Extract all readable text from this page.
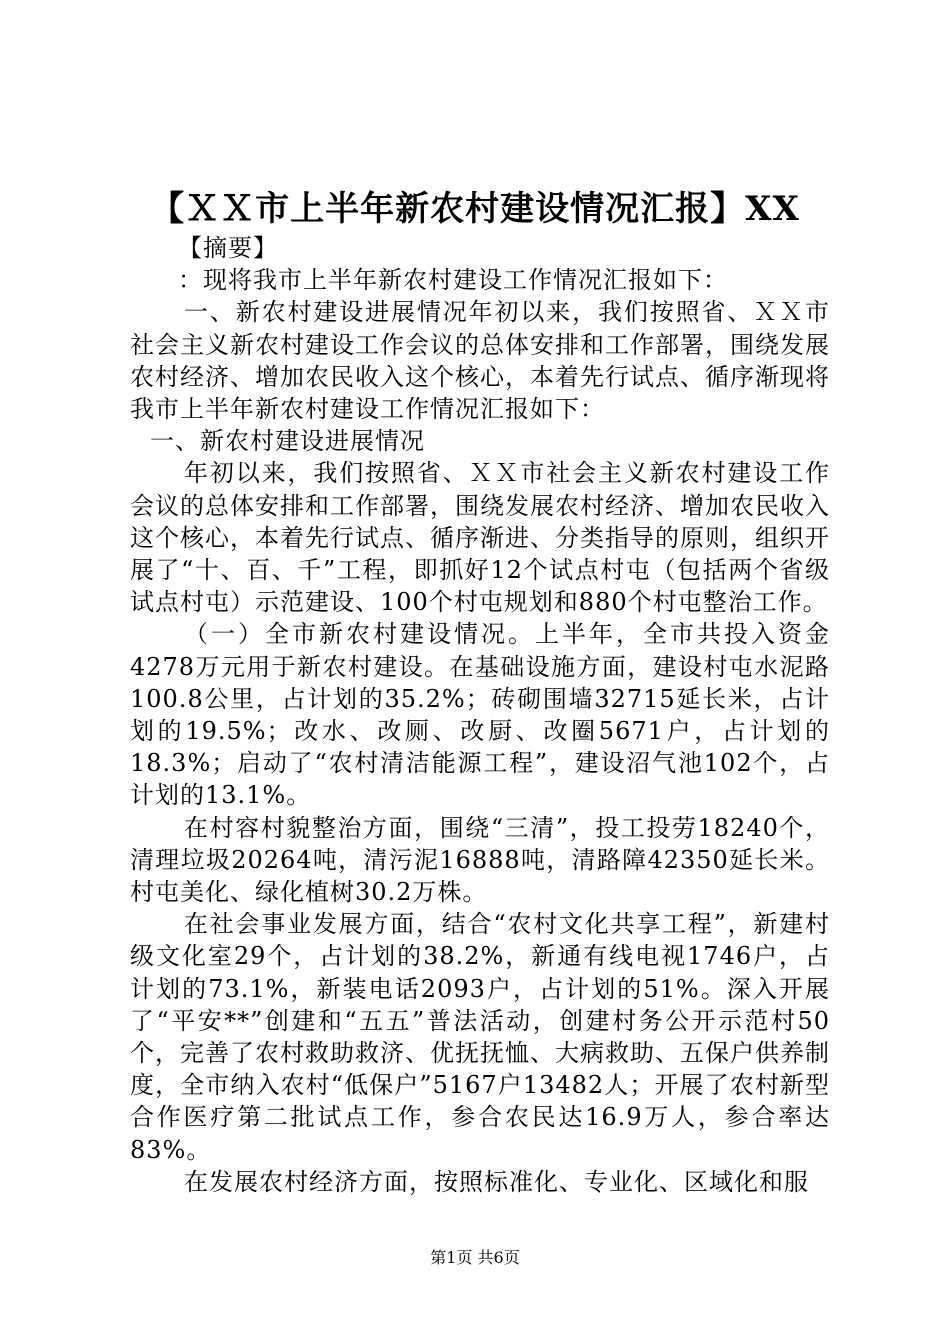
【ＸＸ市上半年新农村建设情况汇报】XX

【摘要】

：现将我市上半年新农村建设工作情况汇报如下：

一、新农村建设进展情况年初以来，我们按照省、ＸＸ市社会主义新农村建设工作会议的总体安排和工作部署，围绕发展农村经济、增加农民收入这个核心，本着先行试点、循序渐现将我市上半年新农村建设工作情况汇报如下：

一、新农村建设进展情况

年初以来，我们按照省、ＸＸ市社会主义新农村建设工作会议的总体安排和工作部署，围绕发展农村经济、增加农民收入这个核心，本着先行试点、循序渐进、分类指导的原则，组织开展了“十、百、千”工程，即抓好12个试点村屯（包括两个省级试点村屯）示范建设、100个村屯规划和880个村屯整治工作。

（一）全市新农村建设情况。上半年，全市共投入资金4278万元用于新农村建设。在基础设施方面，建设村屯水泥路100.8公里，占计划的35.2%；砖砌围墙32715延长米，占计划的19.5%；改水、改厕、改厨、改圈5671户，占计划的18.3%；启动了“农村清洁能源工程”，建设沼气池102个，占计划的13.1%。

在村容村貌整治方面，围绕“三清”，投工投劳18240个，清理垃圾20264吨，清污泥16888吨，清路障42350延长米。村屯美化、绿化植树30.2万株。

在社会事业发展方面，结合“农村文化共享工程”，新建村级文化室29个，占计划的38.2%，新通有线电视1746户，占计划的73.1%，新装电话2093户，占计划的51%。深入开展了“平安**”创建和“五五”普法活动，创建村务公开示范村50个，完善了农村救助救济、优抚抚恤、大病救助、五保户供养制度，全市纳入农村“低保户”5167户13482人；开展了农村新型合作医疗第二批试点工作，参合农民达16.9万人，参合率达83%。

在发展农村经济方面，按照标准化、专业化、区域化和服

第1页 共6页
